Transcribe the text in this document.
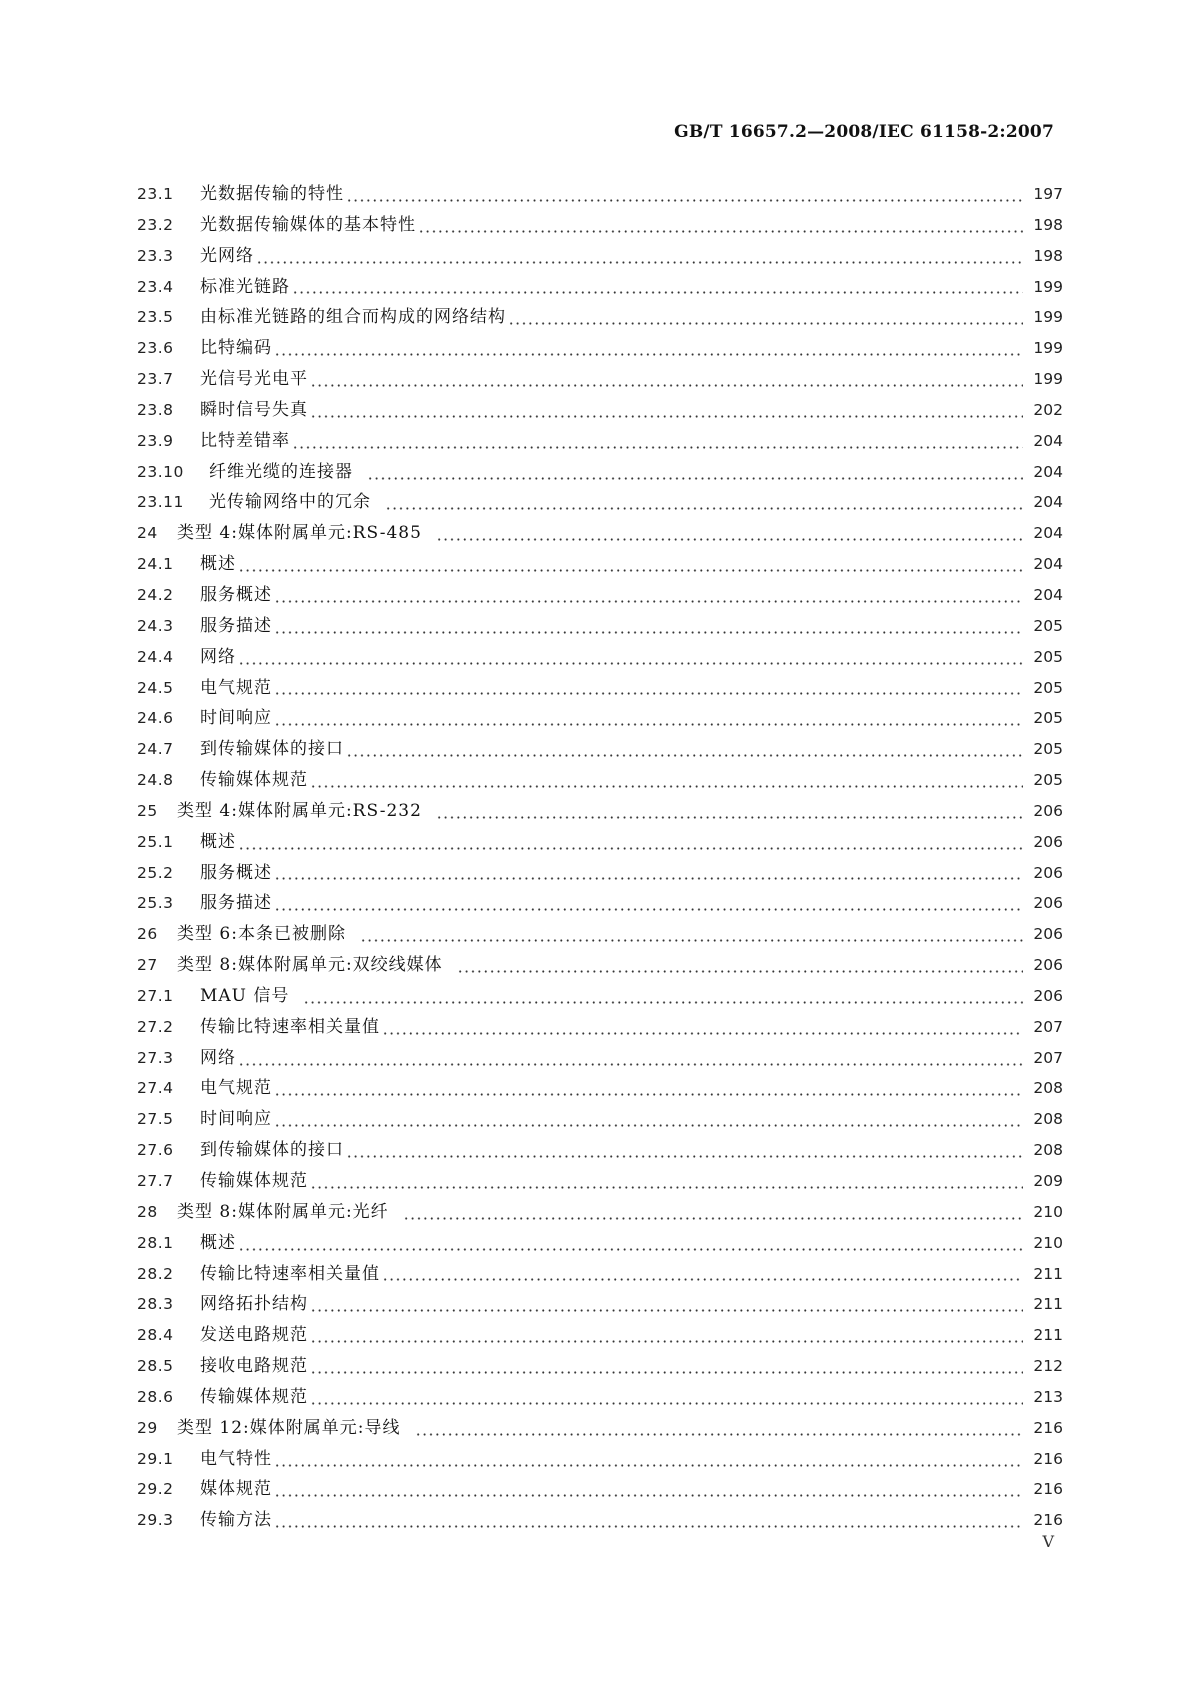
GB/T 16657.2—2008/IEC 61158-2:2007
23.1	光数据传输的特性	197
23.2	光数据传输媒体的基本特性	198
23.3	光网络	198
23.4	标准光链路	199
23.5	由标准光链路的组合而构成的网络结构	199
23.6	比特编码	199
23.7	光信号光电平	199
23.8	瞬时信号失真	202
23.9	比特差错率	204
23.10	纤维光缆的连接器	204
23.11	光传输网络中的冗余	204
24	类型 4:媒体附属单元:RS-485	204
24.1	概述	204
24.2	服务概述	204
24.3	服务描述	205
24.4	网络	205
24.5	电气规范	205
24.6	时间响应	205
24.7	到传输媒体的接口	205
24.8	传输媒体规范	205
25	类型 4:媒体附属单元:RS-232	206
25.1	概述	206
25.2	服务概述	206
25.3	服务描述	206
26	类型 6:本条已被删除	206
27	类型 8:媒体附属单元:双绞线媒体	206
27.1	MAU 信号	206
27.2	传输比特速率相关量值	207
27.3	网络	207
27.4	电气规范	208
27.5	时间响应	208
27.6	到传输媒体的接口	208
27.7	传输媒体规范	209
28	类型 8:媒体附属单元:光纤	210
28.1	概述	210
28.2	传输比特速率相关量值	211
28.3	网络拓扑结构	211
28.4	发送电路规范	211
28.5	接收电路规范	212
28.6	传输媒体规范	213
29	类型 12:媒体附属单元:导线	216
29.1	电气特性	216
29.2	媒体规范	216
29.3	传输方法	216
V
